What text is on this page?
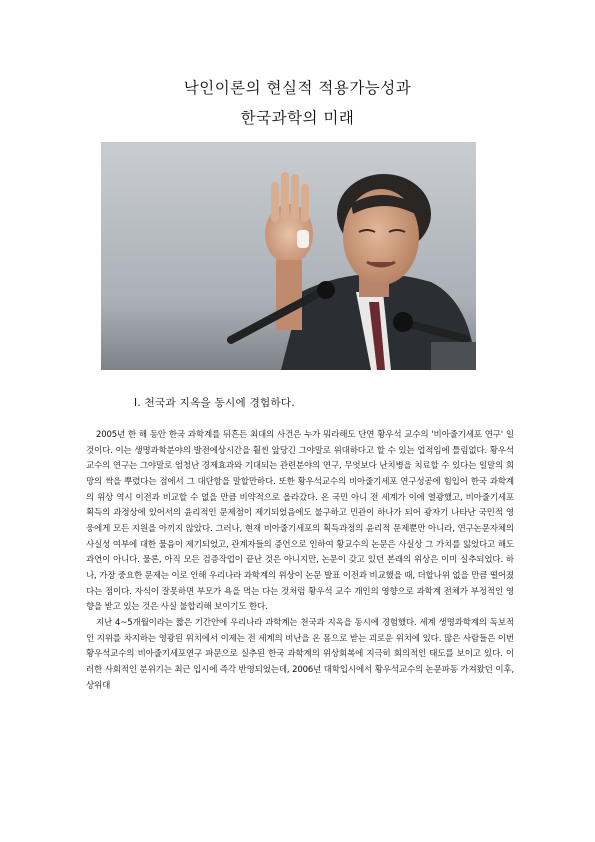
낙인이론의 현실적 적용가능성과
한국과학의 미래
Ⅰ. 천국과 지옥을 동시에 경험하다.

2005년 한 해 동안 한국 과학계를 뒤흔든 최대의 사건은 누가 뭐라해도 단연 황우석 교수의 '비아줄기세포 연구' 일 것이다. 이는 생명과학분야의 발전에상시간을 훨씬 앞당긴 그야말로 위대하다고 할 수 있는 업적임에 틀림없다. 황우석 교수의 연구는 그야말로 엄청난 경제효과와 기대되는 관련분야의 연구, 무엇보다 난치병을 치료할 수 있다는 일말의 희망의 싹을 뿌렸다는 점에서 그 대단함을 말할만하다. 또한 황우석교수의 비아줄기세포 연구성공에 힘입어 한국 과학계의 위상 역시 이전과 비교할 수 없을 만큼 비약적으로 올라갔다. 온 국민 아니 전 세계가 이에 열광했고, 비아줄기세포 획득의 과정상에 있어서의 윤리적인 문제점이 제기되었음에도 불구하고 민관이 하나가 되어 광자기 나타난 국민적 영웅에게 모든 지원을 아끼지 않았다. 그러나, 현재 비아줄기세포의 획득과정의 윤리적 문제뿐만 아니라, 연구논문자체의 사실성 여부에 대한 물음이 제기되었고, 관계자들의 증언으로 인하여 황교수의 논문은 사실상 그 가치를 잃었다고 해도 과언이 아니다. 물론, 아직 모든 검증작업이 끝난 것은 아니지만, 논문이 갖고 있던 본래의 위상은 이미 실추되었다. 하나, 가장 중요한 문제는 이로 인해 우리나라 과학계의 위상이 논문 발표 이전과 비교했을 때, 더할나위 없을 만큼 떨어졌다는 점이다. 자식이 잘못하면 부모가 욕을 먹는 다는 것처럼 황우석 교수 개인의 영향으로 과학계 전체가 부정적인 영향을 받고 있는 것은 사실 불합리해 보이기도 한다.

지난 4~5개월이라는 짧은 기간안에 우리나라 과학계는 천국과 지옥을 동시에 경험했다. 세계 생명과학계의 독보적인 지위를 차지하는 영광된 위치에서 이제는 전 세계의 비난을 온 몸으로 받는 괴로운 위치에 있다. 많은 사람들은 이번 황우석교수의 비아줄기세포연구 파문으로 실추된 한국 과학계의 위상회복에 지극히 회의적인 태도를 보이고 있다. 이러한 사회적인 분위기는 최근 입시에 즉각 반영되었는데, 2006년 대학입시에서 황우석교수의 논문파동 가져왔던 이후, 상위대
